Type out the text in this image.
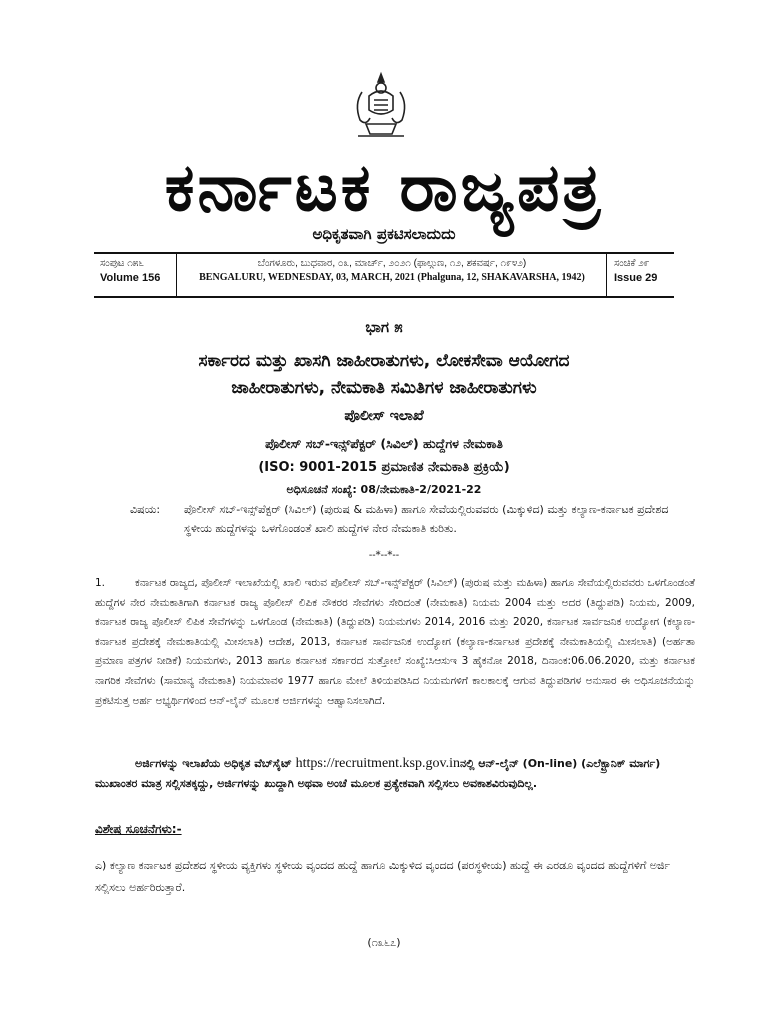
ಕರ್ನಾಟಕ ರಾಜ್ಯಪತ್ರ
ಅಧಿಕೃತವಾಗಿ ಪ್ರಕಟಿಸಲಾದುದು
ಸಂಪುಟ ೧೫೬
Volume 156
ಬೆಂಗಳೂರು, ಬುಧವಾರ, ೦೩, ಮಾರ್ಚ್, ೨೦೨೧ (ಫಾಲ್ಗುಣ, ೧೨, ಶಕವರ್ಷ, ೧೯೪೨)
BENGALURU, WEDNESDAY, 03, MARCH, 2021 (Phalguna, 12, SHAKAVARSHA, 1942)
ಸಂಚಿಕೆ ೨೯
Issue 29
ಭಾಗ ೫
ಸರ್ಕಾರದ ಮತ್ತು ಖಾಸಗಿ ಜಾಹೀರಾತುಗಳು, ಲೋಕಸೇವಾ ಆಯೋಗದ
ಜಾಹೀರಾತುಗಳು, ನೇಮಕಾತಿ ಸಮಿತಿಗಳ ಜಾಹೀರಾತುಗಳು
ಪೊಲೀಸ್ ಇಲಾಖೆ
ಪೊಲೀಸ್ ಸಬ್-ಇನ್ಸ್‌ಪೆಕ್ಟರ್ (ಸಿವಿಲ್) ಹುದ್ದೆಗಳ ನೇಮಕಾತಿ
(ISO: 9001-2015 ಪ್ರಮಾಣಿತ ನೇಮಕಾತಿ ಪ್ರಕ್ರಿಯೆ)
ಅಧಿಸೂಚನೆ ಸಂಖ್ಯೆ: 08/ನೇಮಕಾತಿ-2/2021-22
ವಿಷಯ: ಪೊಲೀಸ್ ಸಬ್-ಇನ್ಸ್‌ಪೆಕ್ಟರ್ (ಸಿವಿಲ್) (ಪುರುಷ & ಮಹಿಳಾ) ಹಾಗೂ ಸೇವೆಯಲ್ಲಿರುವವರು (ಮಿಕ್ಕುಳಿದ) ಮತ್ತು ಕಲ್ಯಾಣ-ಕರ್ನಾಟಕ ಪ್ರದೇಶದ ಸ್ಥಳೀಯ ಹುದ್ದೆಗಳನ್ನು ಒಳಗೊಂಡಂತೆ ಖಾಲಿ ಹುದ್ದೆಗಳ ನೇರ ನೇಮಕಾತಿ ಕುರಿತು.
--*--*--
1.	ಕರ್ನಾಟಕ ರಾಜ್ಯದ, ಪೊಲೀಸ್ ಇಲಾಖೆಯಲ್ಲಿ ಖಾಲಿ ಇರುವ ಪೊಲೀಸ್ ಸಬ್-ಇನ್ಸ್‌ಪೆಕ್ಟರ್ (ಸಿವಿಲ್) (ಪುರುಷ ಮತ್ತು ಮಹಿಳಾ) ಹಾಗೂ ಸೇವೆಯಲ್ಲಿರುವವರು ಒಳಗೊಂಡಂತೆ ಹುದ್ದೆಗಳ ನೇರ ನೇಮಕಾತಿಗಾಗಿ ಕರ್ನಾಟಕ ರಾಜ್ಯ ಪೊಲೀಸ್ ಲಿಪಿಕ ನೌಕರರ ಸೇವೆಗಳು ಸೇರಿದಂತೆ (ನೇಮಕಾತಿ) ನಿಯಮ 2004 ಮತ್ತು ಅದರ (ತಿದ್ದುಪಡಿ) ನಿಯಮ, 2009, ಕರ್ನಾಟಕ ರಾಜ್ಯ ಪೊಲೀಸ್ ಲಿಪಿಕ ಸೇವೆಗಳನ್ನು ಒಳಗೊಂಡ (ನೇಮಕಾತಿ) (ತಿದ್ದುಪಡಿ) ನಿಯಮಗಳು 2014, 2016 ಮತ್ತು 2020, ಕರ್ನಾಟಕ ಸಾರ್ವಜನಿಕ ಉದ್ಯೋಗ (ಕಲ್ಯಾಣ-ಕರ್ನಾಟಕ ಪ್ರದೇಶಕ್ಕೆ ನೇಮಕಾತಿಯಲ್ಲಿ ಮೀಸಲಾತಿ) ಆದೇಶ, 2013, ಕರ್ನಾಟಕ ಸಾರ್ವಜನಿಕ ಉದ್ಯೋಗ (ಕಲ್ಯಾಣ-ಕರ್ನಾಟಕ ಪ್ರದೇಶಕ್ಕೆ ನೇಮಕಾತಿಯಲ್ಲಿ ಮೀಸಲಾತಿ) (ಅರ್ಹತಾ ಪ್ರಮಾಣ ಪತ್ರಗಳ ನೀಡಿಕೆ) ನಿಯಮಗಳು, 2013 ಹಾಗೂ ಕರ್ನಾಟಕ ಸರ್ಕಾರದ ಸುತ್ತೋಲೆ ಸಂಖ್ಯೆ:ಸಿಆಸುಇ 3 ಹೈಕನೋ 2018, ದಿನಾಂಕ:06.06.2020, ಮತ್ತು ಕರ್ನಾಟಕ ನಾಗರಿಕ ಸೇವೆಗಳು (ಸಾಮಾನ್ಯ ನೇಮಕಾತಿ) ನಿಯಮಾವಳಿ 1977 ಹಾಗೂ ಮೇಲೆ ತಿಳಿಯಪಡಿಸಿದ ನಿಯಮಗಳಿಗೆ ಕಾಲಕಾಲಕ್ಕೆ ಆಗುವ ತಿದ್ದುಪಡಿಗಳ ಅನುಸಾರ ಈ ಅಧಿಸೂಚನೆಯನ್ನು ಪ್ರಕಟಿಸುತ್ತ ಅರ್ಹ ಅಭ್ಯರ್ಥಿಗಳಿಂದ ಆನ್-ಲೈನ್ ಮೂಲಕ ಅರ್ಜಿಗಳನ್ನು ಆಹ್ವಾನಿಸಲಾಗಿದೆ.
ಅರ್ಜಿಗಳನ್ನು ಇಲಾಖೆಯ ಅಧಿಕೃತ ವೆಬ್‌ಸೈಟ್ https://recruitment.ksp.gov.inನಲ್ಲಿ ಆನ್-ಲೈನ್ (On-line) (ಎಲೆಕ್ಟ್ರಾನಿಕ್ ಮಾರ್ಗ) ಮುಖಾಂತರ ಮಾತ್ರ ಸಲ್ಲಿಸತಕ್ಕದ್ದು, ಅರ್ಜಿಗಳನ್ನು ಖುದ್ದಾಗಿ ಅಥವಾ ಅಂಚೆ ಮೂಲಕ ಪ್ರತ್ಯೇಕವಾಗಿ ಸಲ್ಲಿಸಲು ಅವಕಾಶವಿರುವುದಿಲ್ಲ.
ವಿಶೇಷ ಸೂಚನೆಗಳು:-
ಎ) ಕಲ್ಯಾಣ ಕರ್ನಾಟಕ ಪ್ರದೇಶದ ಸ್ಥಳೀಯ ವ್ಯಕ್ತಿಗಳು ಸ್ಥಳೀಯ ವೃಂದದ ಹುದ್ದೆ ಹಾಗೂ ಮಿಕ್ಕುಳಿದ ವೃಂದದ (ಪರಸ್ಥಳೀಯ) ಹುದ್ದೆ ಈ ಎರಡೂ ವೃಂದದ ಹುದ್ದೆಗಳಿಗೆ ಅರ್ಜಿ ಸಲ್ಲಿಸಲು ಅರ್ಹರಿರುತ್ತಾರೆ.
(೧೩೬೭)
